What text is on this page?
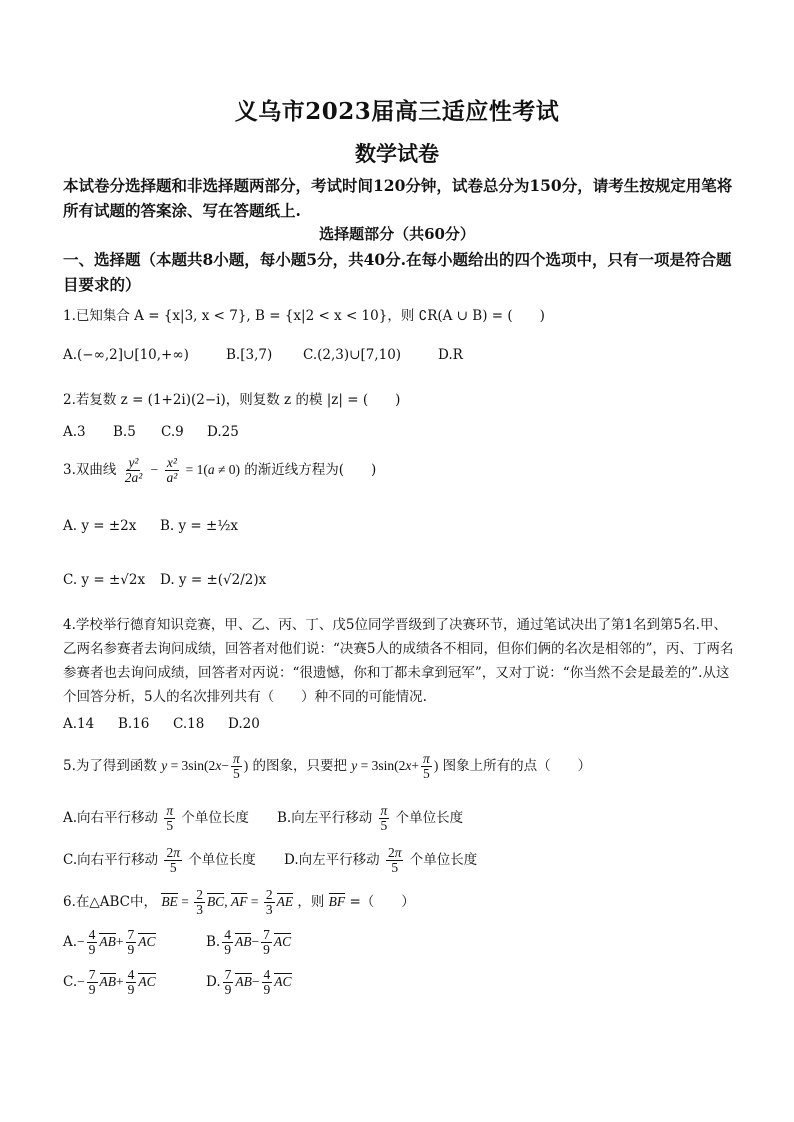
义乌市2023届高三适应性考试
数学试卷
本试卷分选择题和非选择题两部分，考试时间120分钟，试卷总分为150分，请考生按规定用笔将所有试题的答案涂、写在答题纸上.
选择题部分（共60分）
一、选择题（本题共8小题，每小题5分，共40分.在每小题给出的四个选项中，只有一项是符合题目要求的）
1.已知集合 A = {x|3, x < 7}, B = {x|2 < x < 10}，则 ∁R(A ∪ B) = (　　)
A.(−∞,2]∪[10,+∞)	B.[3,7) C.(2,3)∪[7,10)	D.R
2.若复数 z = (1+2i)(2−i)，则复数 z 的模 |z| = (　　)
A.3 B.5 C.9 D.25
3.双曲线 $\frac{\text{y²}}{\text{2a²}} - \frac{\text{x²}}{\text{a²}} = 1(a \ne 0)$ 的渐近线方程为(　　)
A. y = ±2x B. y = ±½x
C. y = ±√2x D. y = ±(√2/2)x
4.学校举行德育知识竞赛，甲、乙、丙、丁、戊5位同学晋级到了决赛环节，通过笔试决出了第1名到第5名.甲、乙两名参赛者去询问成绩，回答者对他们说：“决赛5人的成绩各不相同，但你们俩的名次是相邻的”，丙、丁两名参赛者也去询问成绩，回答者对丙说：“很遗憾，你和丁都未拿到冠军”，又对丁说：“你当然不会是最差的”.从这个回答分析，5人的名次排列共有（　　）种不同的可能情况.
A.14 B.16 C.18 D.20
5.为了得到函数 $y = 3\sin(2x- \frac{\pi}{5}$ ) 的图象，只要把 $y = 3\sin(2x+ \frac{\pi}{5}$ ) 图象上所有的点（　　）
A.向右平行移动 $\frac{\pi}{5}$ 个单位长度 B.向左平行移动 $\frac{\pi}{5}$ 个单位长度
C.向右平行移动 $\frac{2\pi}{5}$ 个单位长度 D.向左平行移动 $\frac{2\pi}{5}$ 个单位长度
6.在△ABC中， BE = $\frac{2}{3}$ BC, AF = $\frac{2}{3}$ AE ，则 BF =（　　）
$A.- \frac{4}{9} AB+ \frac{7}{9}$ AC	B. $\frac{4}{9} AB- \frac{7}{9}$ AC
$C.- \frac{7}{9} AB+ \frac{4}{9}$ AC	D. $\frac{7}{9} AB- \frac{4}{9}$ AC
